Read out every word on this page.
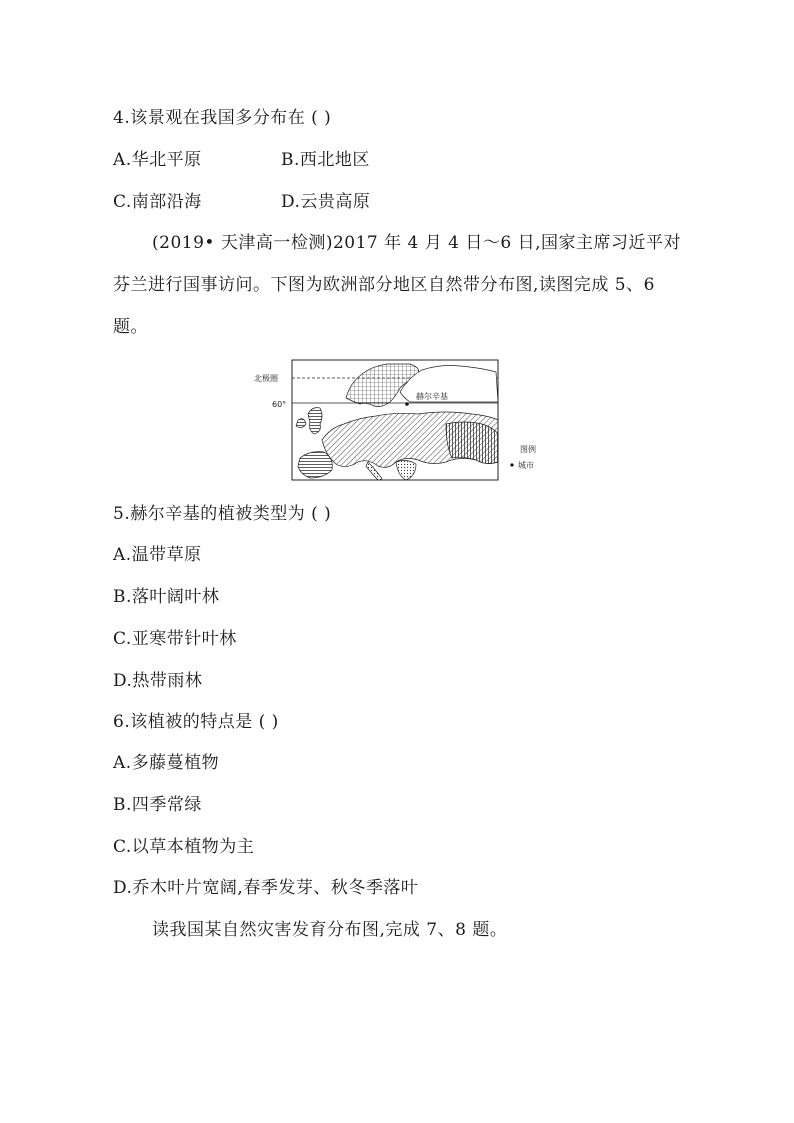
4.该景观在我国多分布在 ( )
A.华北平原	B.西北地区
C.南部沿海	D.云贵高原
(2019• 天津高一检测)2017 年 4 月 4 日～6 日,国家主席习近平对
芬兰进行国事访问。下图为欧洲部分地区自然带分布图,读图完成 5、6
题。
北极圈
60°
赫尔辛基
图例
城市
5.赫尔辛基的植被类型为 ( )
A.温带草原
B.落叶阔叶林
C.亚寒带针叶林
D.热带雨林
6.该植被的特点是 ( )
A.多藤蔓植物
B.四季常绿
C.以草本植物为主
D.乔木叶片宽阔,春季发芽、秋冬季落叶
读我国某自然灾害发育分布图,完成 7、8 题。
